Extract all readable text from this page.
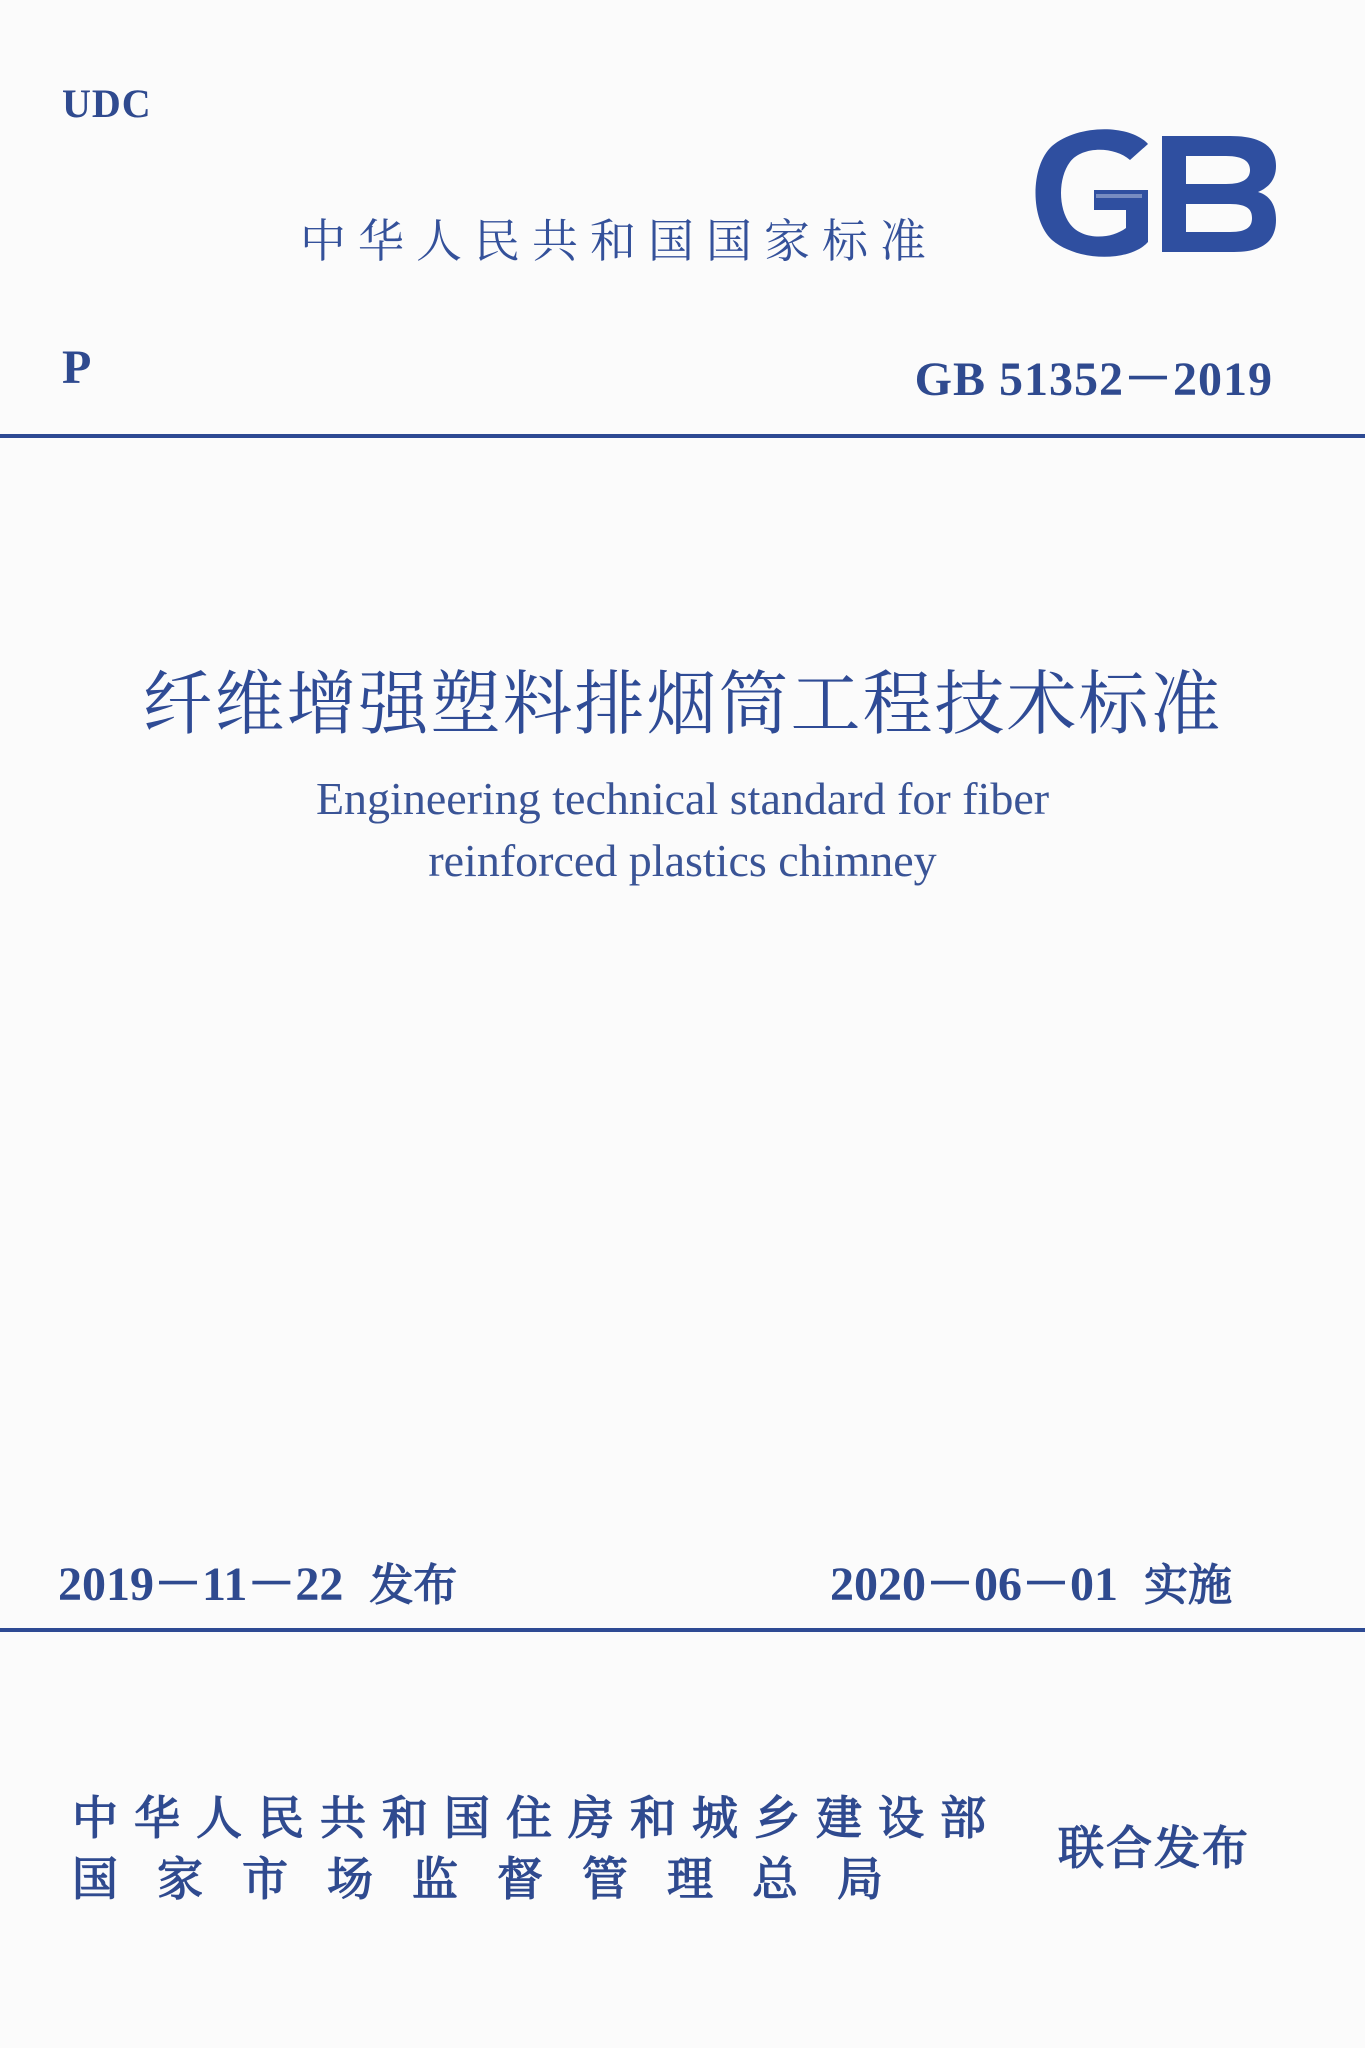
UDC
中华人民共和国国家标准
P	GB 51352－2019
纤维增强塑料排烟筒工程技术标准
Engineering technical standard for fiber
reinforced plastics chimney
2019－11－22 发布	2020－06－01 实施
中华人民共和国住房和城乡建设部
国家市场监督管理总局
联合发布
